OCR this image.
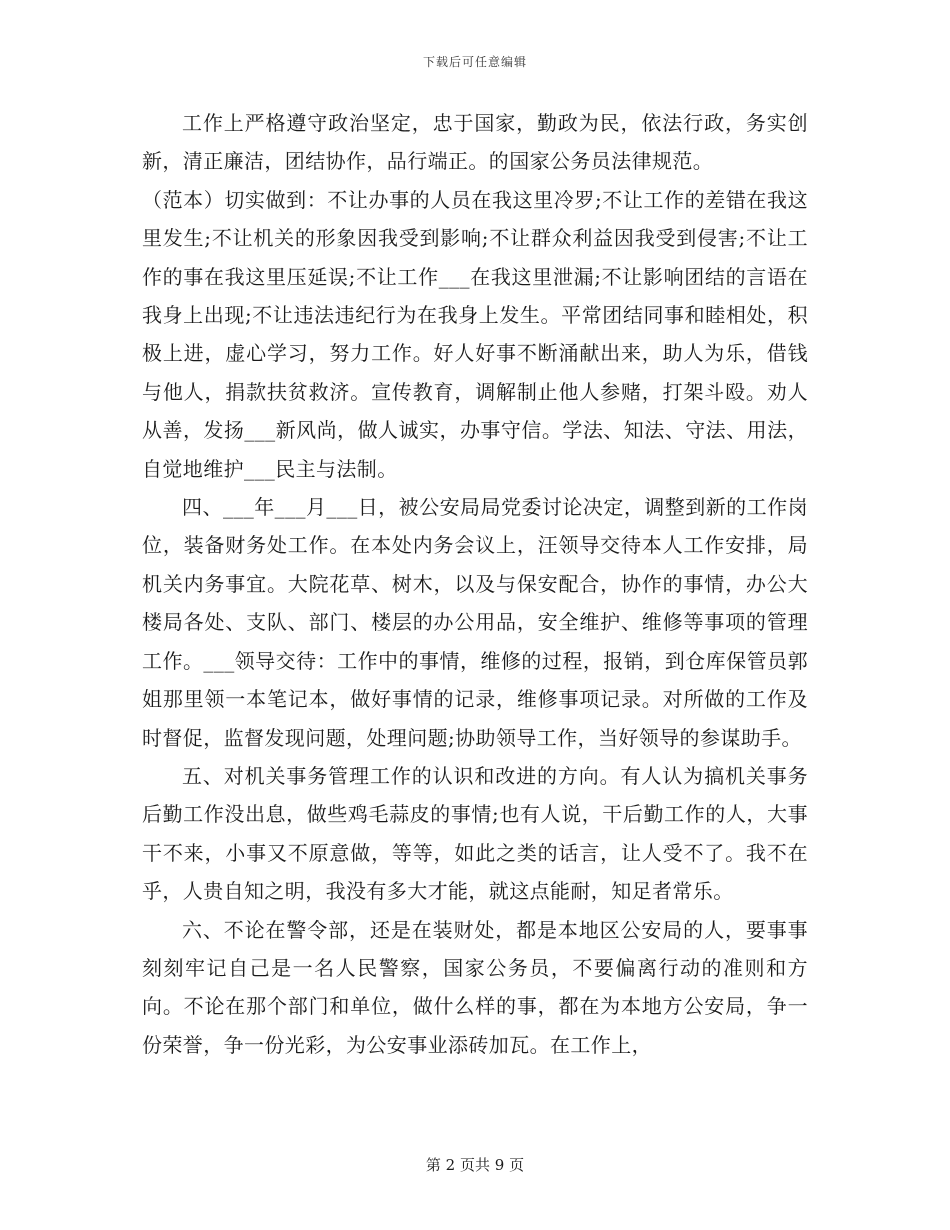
下载后可任意编辑

工作上严格遵守政治坚定，忠于国家，勤政为民，依法行政，务实创新，清正廉洁，团结协作，品行端正。的国家公务员法律规范。

（范本）切实做到：不让办事的人员在我这里冷罗;不让工作的差错在我这里发生;不让机关的形象因我受到影响;不让群众利益因我受到侵害;不让工作的事在我这里压延误;不让工作___在我这里泄漏;不让影响团结的言语在我身上出现;不让违法违纪行为在我身上发生。平常团结同事和睦相处，积极上进，虚心学习，努力工作。好人好事不断涌献出来，助人为乐，借钱与他人，捐款扶贫救济。宣传教育，调解制止他人参赌，打架斗殴。劝人从善，发扬___新风尚，做人诚实，办事守信。学法、知法、守法、用法，自觉地维护___民主与法制。

四、___年___月___日，被公安局局党委讨论决定，调整到新的工作岗位，装备财务处工作。在本处内务会议上，汪领导交待本人工作安排，局机关内务事宜。大院花草、树木，以及与保安配合，协作的事情，办公大楼局各处、支队、部门、楼层的办公用品，安全维护、维修等事项的管理工作。___领导交待：工作中的事情，维修的过程，报销，到仓库保管员郭姐那里领一本笔记本，做好事情的记录，维修事项记录。对所做的工作及时督促，监督发现问题，处理问题;协助领导工作，当好领导的参谋助手。

五、对机关事务管理工作的认识和改进的方向。有人认为搞机关事务后勤工作没出息，做些鸡毛蒜皮的事情;也有人说，干后勤工作的人，大事干不来，小事又不原意做，等等，如此之类的话言，让人受不了。我不在乎，人贵自知之明，我没有多大才能，就这点能耐，知足者常乐。

六、不论在警令部，还是在装财处，都是本地区公安局的人，要事事刻刻牢记自己是一名人民警察，国家公务员，不要偏离行动的准则和方向。不论在那个部门和单位，做什么样的事，都在为本地方公安局，争一份荣誉，争一份光彩，为公安事业添砖加瓦。在工作上，

第 2 页共 9 页
